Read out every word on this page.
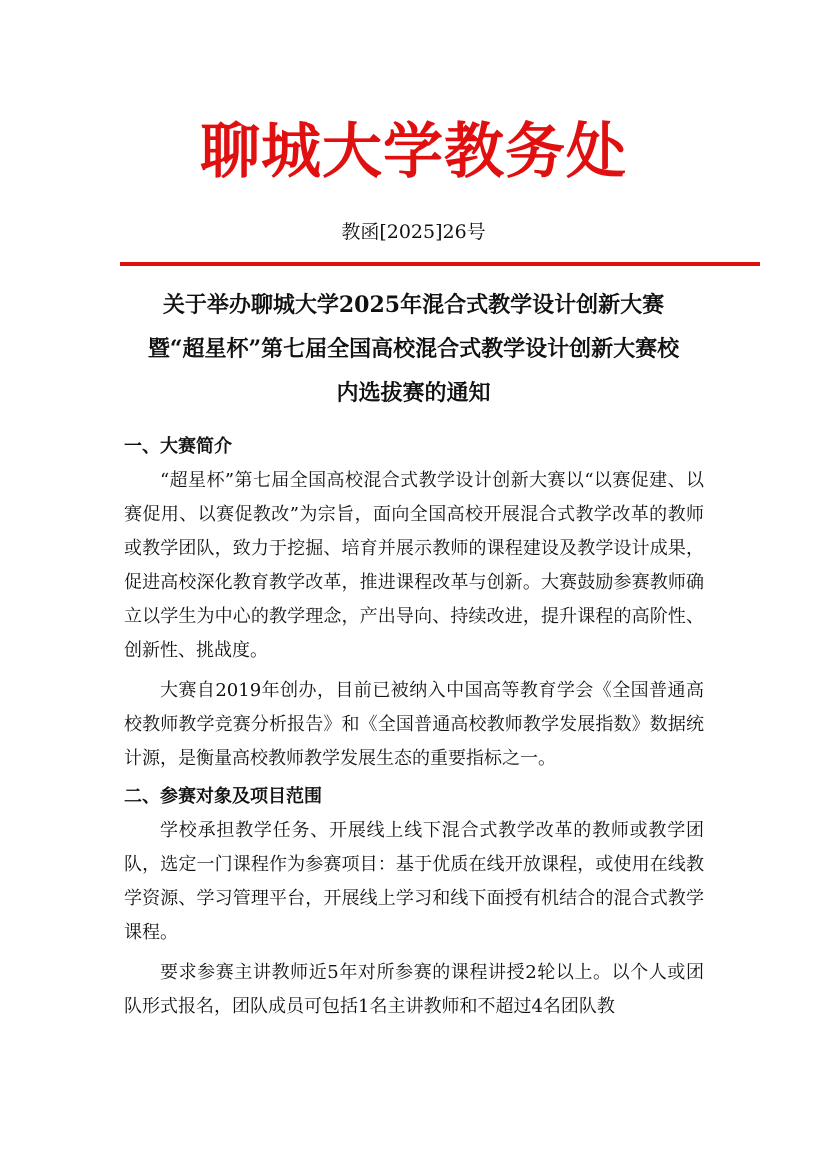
聊城大学教务处
教函[2025]26号
关于举办聊城大学2025年混合式教学设计创新大赛
暨“超星杯”第七届全国高校混合式教学设计创新大赛校
内选拔赛的通知

一、大赛简介

“超星杯”第七届全国高校混合式教学设计创新大赛以“以赛促建、以赛促用、以赛促教改”为宗旨，面向全国高校开展混合式教学改革的教师或教学团队，致力于挖掘、培育并展示教师的课程建设及教学设计成果，促进高校深化教育教学改革，推进课程改革与创新。大赛鼓励参赛教师确立以学生为中心的教学理念，产出导向、持续改进，提升课程的高阶性、创新性、挑战度。

大赛自2019年创办，目前已被纳入中国高等教育学会《全国普通高校教师教学竞赛分析报告》和《全国普通高校教师教学发展指数》数据统计源，是衡量高校教师教学发展生态的重要指标之一。

二、参赛对象及项目范围

学校承担教学任务、开展线上线下混合式教学改革的教师或教学团队，选定一门课程作为参赛项目：基于优质在线开放课程，或使用在线教学资源、学习管理平台，开展线上学习和线下面授有机结合的混合式教学课程。

要求参赛主讲教师近5年对所参赛的课程讲授2轮以上。以个人或团队形式报名，团队成员可包括1名主讲教师和不超过4名团队教
